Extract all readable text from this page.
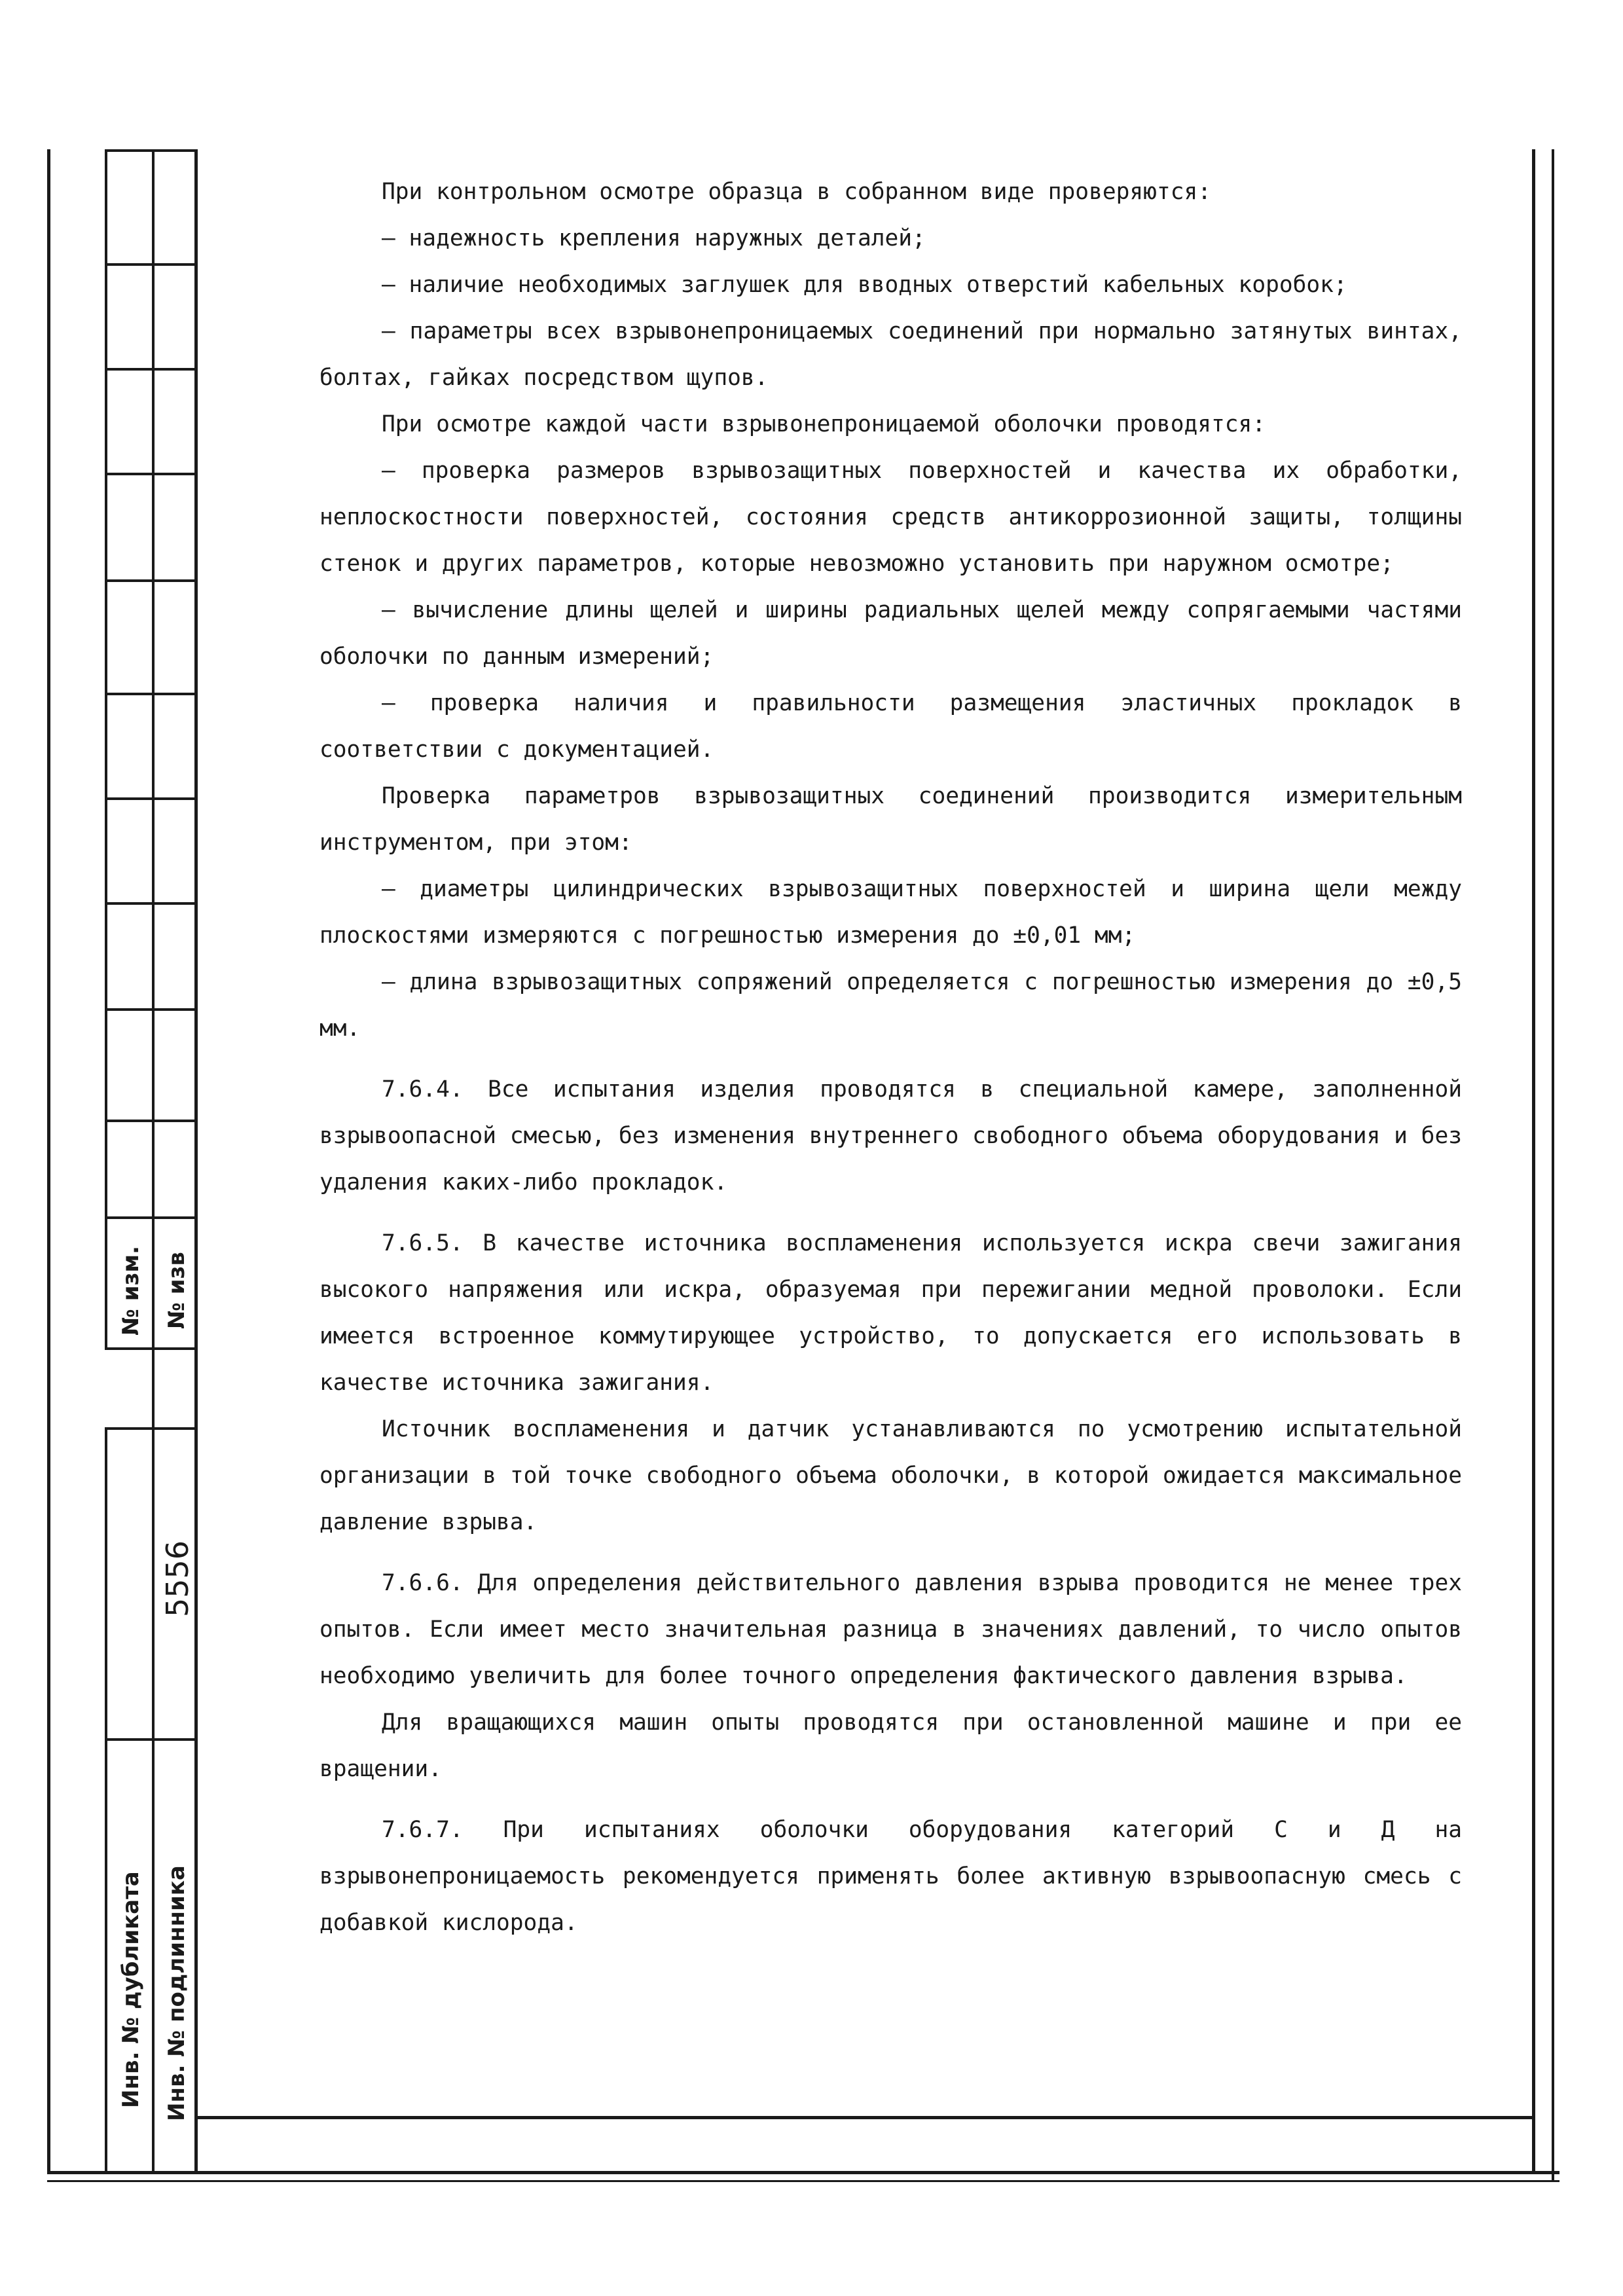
№ изм. № изв
Инв. № дубликата Инв. № подлинника
5556

При контрольном осмотре образца в собранном виде проверяются:

– надежность крепления наружных деталей;

– наличие необходимых заглушек для вводных отверстий кабельных коробок;

– параметры всех взрывонепроницаемых соединений при нормально затянутых винтах, болтах, гайках посредством щупов.

При осмотре каждой части взрывонепроницаемой оболочки проводятся:

– проверка размеров взрывозащитных поверхностей и качества их обработки, неплоскостности поверхностей, состояния средств антикоррозионной защиты, толщины стенок и других параметров, которые невозможно установить при наружном осмотре;

– вычисление длины щелей и ширины радиальных щелей между сопрягаемыми частями оболочки по данным измерений;

– проверка наличия и правильности размещения эластичных прокладок в соответствии с документацией.

Проверка параметров взрывозащитных соединений производится измерительным инструментом, при этом:

– диаметры цилиндрических взрывозащитных поверхностей и ширина щели между плоскостями измеряются с погрешностью измерения до ±0,01 мм;

– длина взрывозащитных сопряжений определяется с погрешностью измерения до ±0,5 мм.

7.6.4. Все испытания изделия проводятся в специальной камере, заполненной взрывоопасной смесью, без изменения внутреннего свободного объема оборудования и без удаления каких-либо прокладок.

7.6.5. В качестве источника воспламенения используется искра свечи зажигания высокого напряжения или искра, образуемая при пережигании медной проволоки. Если имеется встроенное коммутирующее устройство, то допускается его использовать в качестве источника зажигания.

Источник воспламенения и датчик устанавливаются по усмотрению испытательной организации в той точке свободного объема оболочки, в которой ожидается максимальное давление взрыва.

7.6.6. Для определения действительного давления взрыва проводится не менее трех опытов. Если имеет место значительная разница в значениях давлений, то число опытов необходимо увеличить для более точного определения фактического давления взрыва.

Для вращающихся машин опыты проводятся при остановленной машине и при ее вращении.

7.6.7. При испытаниях оболочки оборудования категорий С и Д на взрывонепроницаемость рекомендуется применять более активную взрывоопасную смесь с добавкой кислорода.
